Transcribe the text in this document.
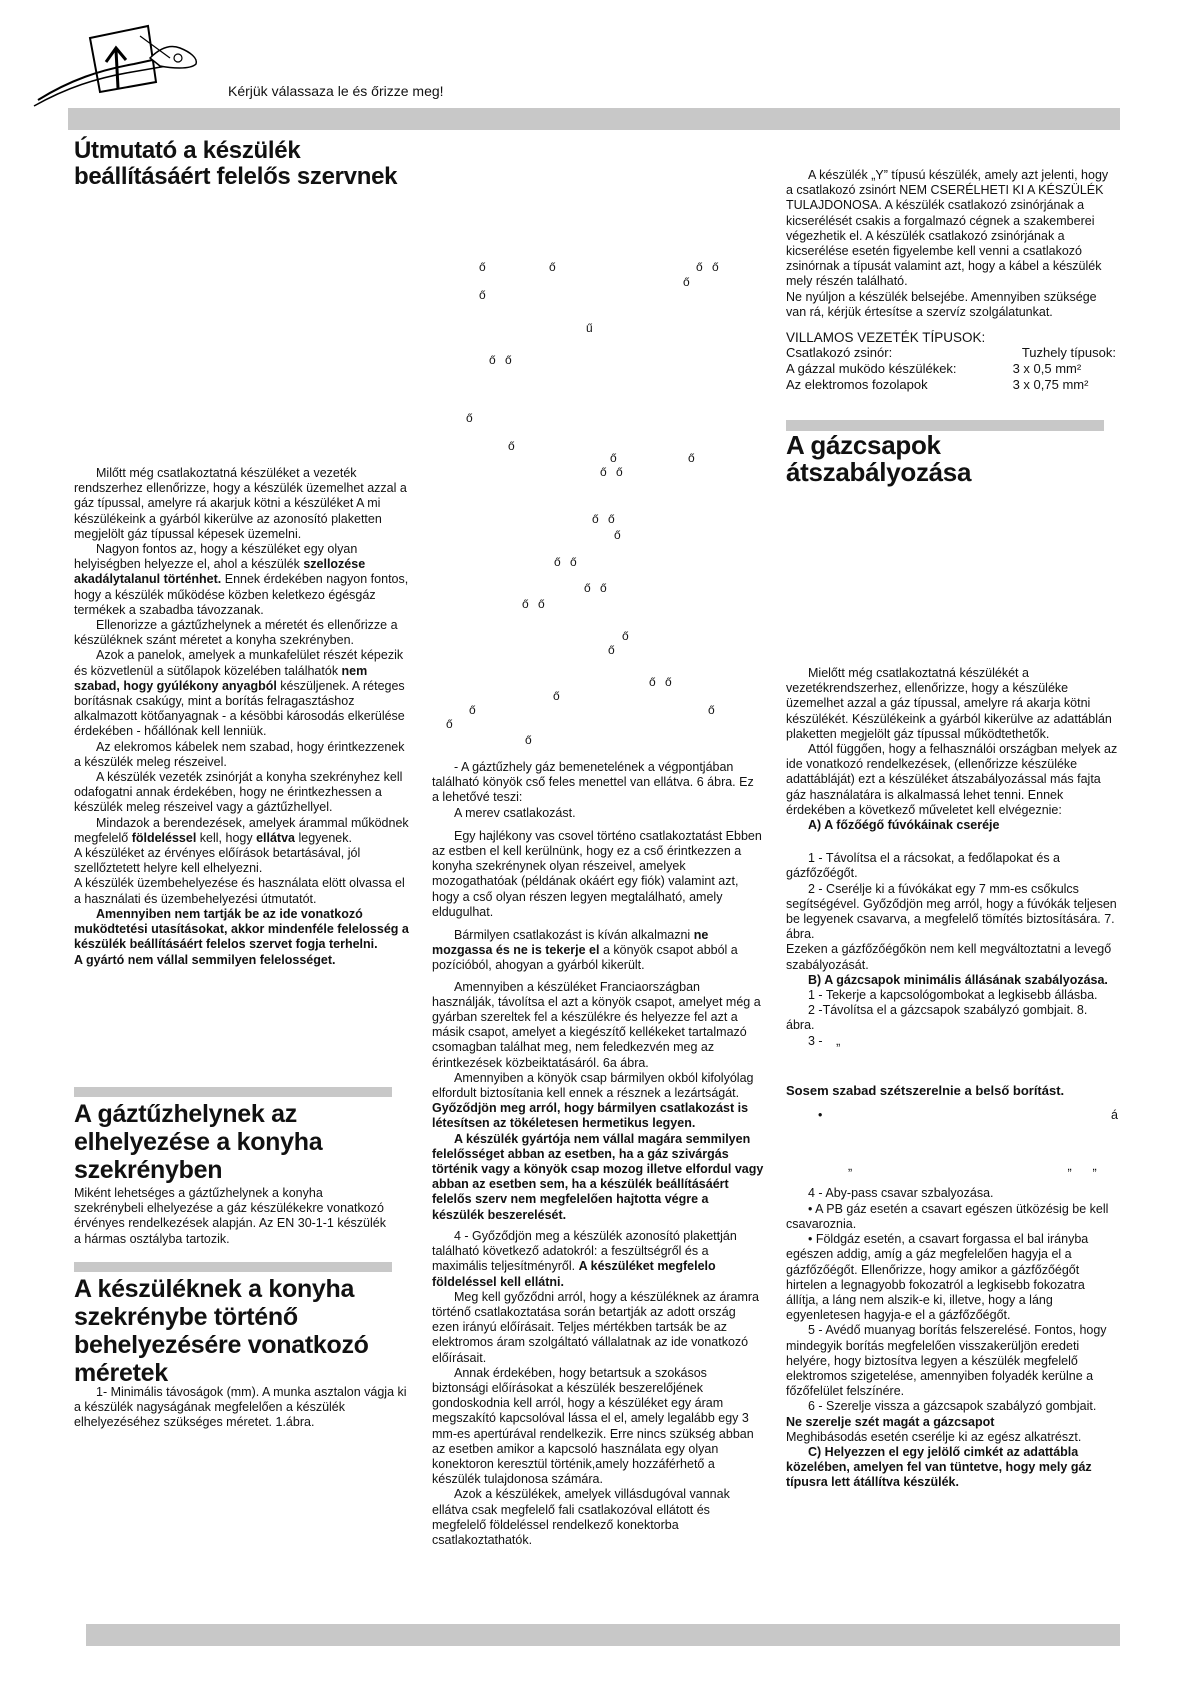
Kérjük válassaza le és őrizze meg!
Útmutató a készülék
beállításáért felelős szervnek

Milőtt még csatlakoztatná készüléket a vezeték rendszerhez ellenőrizze, hogy a készülék üzemelhet azzal a gáz típussal, amelyre rá akarjuk kötni a készüléket A mi készülékeink a gyárból kikerülve az azonosító plaketten megjelölt gáz típussal képesek üzemelni.

Nagyon fontos az, hogy a készüléket egy olyan helyiségben helyezze el, ahol a készülék szellozése akadálytalanul történhet. Ennek érdekében nagyon fontos, hogy a készülék működése közben keletkezo égésgáz termékek a szabadba távozzanak.

Ellenorizze a gáztűzhelynek a méretét és ellenőrizze a készüléknek szánt méretet a konyha szekrényben.

Azok a panelok, amelyek a munkafelület részét képezik és közvetlenül a sütőlapok közelében találhatók nem szabad, hogy gyúlékony anyagból készüljenek. A réteges borításnak csakúgy, mint a borítás felragasztáshoz alkalmazott kötőanyagnak - a késöbbi károsodás elkerülése érdekében - hőállónak kell lenniük.

Az elekromos kábelek nem szabad, hogy érintkezzenek a készülék meleg részeivel.

A készülék vezeték zsinórját a konyha szekrényhez kell odafogatni annak érdekében, hogy ne érintkezhessen a készülék meleg részeivel vagy a gáztűzhellyel.

Mindazok a berendezések, amelyek árammal működnek megfelelő földeléssel kell, hogy ellátva legyenek.

A készüléket az érvényes előírások betartásával, jól szellőztetett helyre kell elhelyezni.

A készülék üzembehelyezése és használata elött olvassa el a használati és üzembehelyezési útmutatót.

Amennyiben nem tartják be az ide vonatkozó muködtetési utasításokat, akkor mindenféle felelosség a készülék beállításáért felelos szervet fogja terhelni.

A gyártó nem vállal semmilyen felelosséget.

A gáztűzhelynek az elhelyezése a konyha szekrényben

Miként lehetséges a gáztűzhelynek a konyha szekrénybeli elhelyezése a gáz készülékekre vonatkozó érvényes rendelkezések alapján. Az EN 30-1-1 készülék a hármas osztályba tartozik.

A készüléknek a konyha szekrénybe történő behelyezésére vonatkozó méretek

1- Minimális távoságok (mm). A munka asztalon vágja ki a készülék nagyságának megfelelően a készülék elhelyezéséhez szükséges méretet. 1.ábra.

ő	ő	ő ő
ő
ő
ű
ő ő
ő
ő
ő	ő
ő ő
ő ő
ő
ő ő
ő ő
ő ő
ő
ő
ő ő
ő
ő	ő
ő
ő

- A gáztűzhely gáz bemenetelének a végpontjában található könyök cső feles menettel van ellátva. 6 ábra. Ez a lehetővé teszi:

A merev csatlakozást.

Egy hajlékony vas csovel történo csatlakoztatást Ebben az estben el kell kerülnünk, hogy ez a cső érintkezzen a konyha szekrénynek olyan részeivel, amelyek mozogathatóak (példának okáért egy fiók) valamint azt, hogy a cső olyan részen legyen megtalálható, amely eldugulhat.

Bármilyen csatlakozást is kíván alkalmazni ne mozgassa és ne is tekerje el a könyök csapot abból a pozícióból, ahogyan a gyárból kikerült.

Amennyiben a készüléket Franciaországban használják, távolítsa el azt a könyök csapot, amelyet még a gyárban szereltek fel a készülékre és helyezze fel azt a másik csapot, amelyet a kiegészítő kellékeket tartalmazó csomagban találhat meg, nem feledkezvén meg az érintkezések közbeiktatásáról. 6a ábra.

Amennyiben a könyök csap bármilyen okból kifolyólag elfordult biztosítania kell ennek a résznek a lezártságát. Győződjön meg arról, hogy bármilyen csatlakozást is létesítsen az tökéletesen hermetikus legyen.

A készülék gyártója nem vállal magára semmilyen felelősséget abban az esetben, ha a gáz szivárgás történik vagy a könyök csap mozog illetve elfordul vagy abban az esetben sem, ha a készülék beállításáért felelős szerv nem megfelelően hajtotta végre a készülék beszerelését.

4 - Győződjön meg a készülék azonosító plakettján található következő adatokról: a feszültségről és a maximális teljesítményről. A készüléket megfelelo földeléssel kell ellátni.

Meg kell győződni arról, hogy a készüléknek az áramra történő csatlakoztatása során betartják az adott ország ezen irányú előírásait. Teljes mértékben tartsák be az elektromos áram szolgáltató vállalatnak az ide vonatkozó előírásait.

Annak érdekében, hogy betartsuk a szokásos biztonsági előírásokat a készülék beszerelőjének gondoskodnia kell arról, hogy a készüléket egy áram megszakító kapcsolóval lássa el el, amely legalább egy 3 mm-es apertúrával rendelkezik. Erre nincs szükség abban az esetben amikor a kapcsoló használata egy olyan konektoron keresztül történik,amely hozzáférhető a készülék tulajdonosa számára.

Azok a készülékek, amelyek villásdugóval vannak ellátva csak megfelelő fali csatlakozóval ellátott és megfelelő földeléssel rendelkező konektorba csatlakoztathatók.

A készülék „Y” típusú készülék, amely azt jelenti, hogy a csatlakozó zsinórt NEM CSERÉLHETI KI A KÉSZÜLÉK TULAJDONOSA. A készülék csatlakozó zsinórjának a kicserélését csakis a forgalmazó cégnek a szakemberei végezhetik el. A készülék csatlakozó zsinórjának a kicserélése esetén figyelembe kell venni a csatlakozó zsinórnak a típusát valamint azt, hogy a kábel a készülék mely részén található.

Ne nyúljon a készülék belsejébe. Amennyiben szüksége van rá, kérjük értesítse a szervíz szolgálatunkat.

VILLAMOS VEZETÉK TÍPUSOK:
Csatlakozó zsinór:	Tuzhely típusok:
A gázzal muködo készülékek:	3 x 0,5 mm²
Az elektromos fozolapok	3 x 0,75 mm²
A gázcsapok
átszabályozása

Mielőtt még csatlakoztatná készülékét a vezetékrendszerhez, ellenőrizze, hogy a készüléke üzemelhet azzal a gáz típussal, amelyre rá akarja kötni készülékét. Készülékeink a gyárból kikerülve az adattáblán plaketten megjelölt gáz típussal működtethetők.

Attól függően, hogy a felhasználói országban melyek az ide vonatkozó rendelkezések, (ellenőrizze készüléke adattábláját) ezt a készüléket átszabályozással más fajta gáz használatára is alkalmassá lehet tenni. Ennek érdekében a következő műveletet kell elvégeznie:

A) A főzőégő fúvókáinak cseréje

1 - Távolítsa el a rácsokat, a fedőlapokat és a gázfőzőégőt.

2 - Cserélje ki a fúvókákat egy 7 mm-es csőkulcs segítségével. Győződjön meg arról, hogy a fúvókák teljesen be legyenek csavarva, a megfelelő tömítés biztosítására. 7. ábra.

Ezeken a gázfőzőégőkön nem kell megváltoztatni a levegő szabályozását.

B) A gázcsapok minimális állásának szabályozása.

1 - Tekerje a kapcsológombokat a legkisebb állásba.

2 -Távolítsa el a gázcsapok szabályzó gombjait. 8. ábra.

3 - „

Sosem szabad szétszerelnie a belső borítást.

•	á

„                                                              „      „

4 - Aby-pass csavar szbalyozása.

• A PB gáz esetén a csavart egészen ütközésig be kell csavaroznia.

• Földgáz esetén, a csavart forgassa el bal irányba egészen addig, amíg a gáz megfelelően hagyja el a gázfőzőégőt. Ellenőrizze, hogy amikor a gázfőzőégőt hirtelen a legnagyobb fokozatról a legkisebb fokozatra állítja, a láng nem alszik-e ki, illetve, hogy a láng egyenletesen hagyja-e el a gázfőzőégőt.

5 - Avédő muanyag borítás felszerelésé. Fontos, hogy mindegyik borítás megfelelően visszakerüljön eredeti helyére, hogy biztosítva legyen a készülék megfelelő elektromos szigetelése, amennyiben folyadék kerülne a főzőfelület felszínére.

6 - Szerelje vissza a gázcsapok szabályzó gombjait.

Ne szerelje szét magát a gázcsapot

Meghibásodás esetén cserélje ki az egész alkatrészt.

C) Helyezzen el egy jelölő cimkét az adattábla közelében, amelyen fel van tüntetve, hogy mely gáz típusra lett átállítva készülék.
